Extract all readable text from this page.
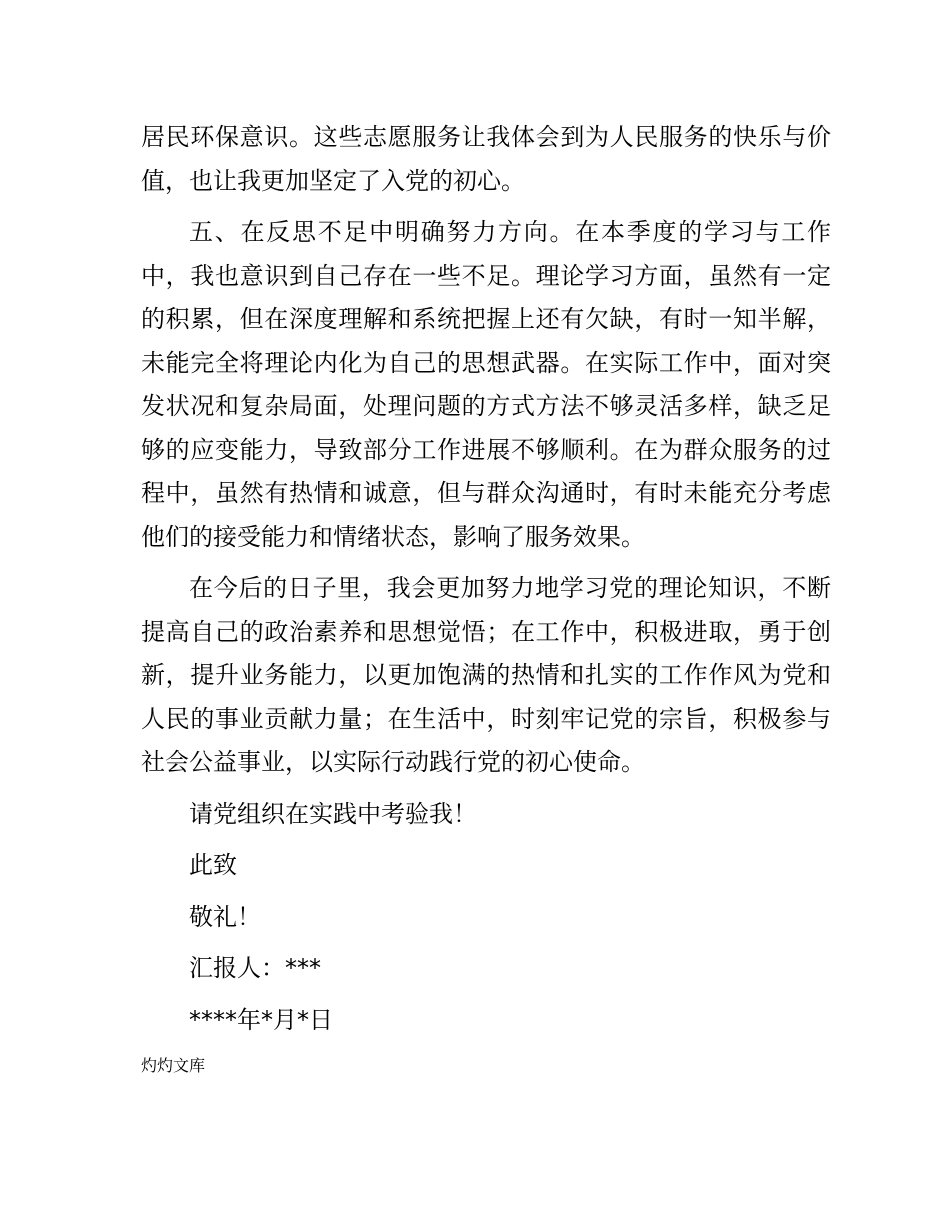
居民环保意识。这些志愿服务让我体会到为人民服务的快乐与价值，也让我更加坚定了入党的初心。

五、在反思不足中明确努力方向。在本季度的学习与工作中，我也意识到自己存在一些不足。理论学习方面，虽然有一定的积累，但在深度理解和系统把握上还有欠缺，有时一知半解，未能完全将理论内化为自己的思想武器。在实际工作中，面对突发状况和复杂局面，处理问题的方式方法不够灵活多样，缺乏足够的应变能力，导致部分工作进展不够顺利。在为群众服务的过程中，虽然有热情和诚意，但与群众沟通时，有时未能充分考虑他们的接受能力和情绪状态，影响了服务效果。

在今后的日子里，我会更加努力地学习党的理论知识，不断提高自己的政治素养和思想觉悟；在工作中，积极进取，勇于创新，提升业务能力，以更加饱满的热情和扎实的工作作风为党和人民的事业贡献力量；在生活中，时刻牢记党的宗旨，积极参与社会公益事业，以实际行动践行党的初心使命。

请党组织在实践中考验我！
此致
敬礼！
汇报人：***
****年*月*日
灼灼文库
